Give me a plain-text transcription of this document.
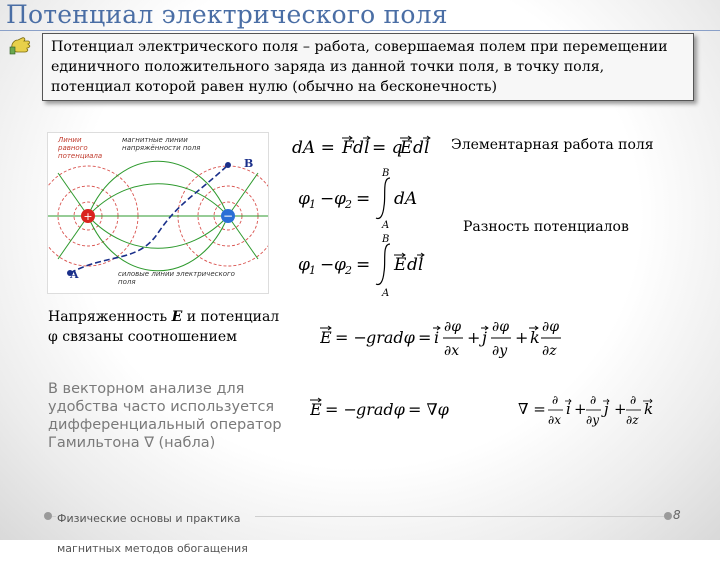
Потенциал электрического поля
Потенциал электрического поля – работа, совершаемая полем при перемещении
единичного положительного заряда из данной точки поля, в точку поля,
потенциал которой равен нулю (обычно на бесконечность)
+	−
Линии
равного
потенциала
магнитные линии
напряжённости поля
силовые линии электрического
поля
B
A
dA = F d l = q
E d l Элементарная работа поля
φ 1 − φ 2 = dA
B
A	Разность потенциалов
φ 1 − φ 2 = E d l
B
A
Напряженность E и потенциал
φ связаны соотношением	E = − gradφ = i
∂φ
∂x
+ j
∂φ
∂y
+ k
∂φ
∂z
В векторном анализе для
удобства часто используется
дифференциальный оператор
Гамильтона ∇ (набла)
E = − gradφ = ∇φ	∇ = ∂
∂x
i + ∂
∂y
j + ∂
∂z
k

Физические основы и практика

магнитных методов обогащения

8
